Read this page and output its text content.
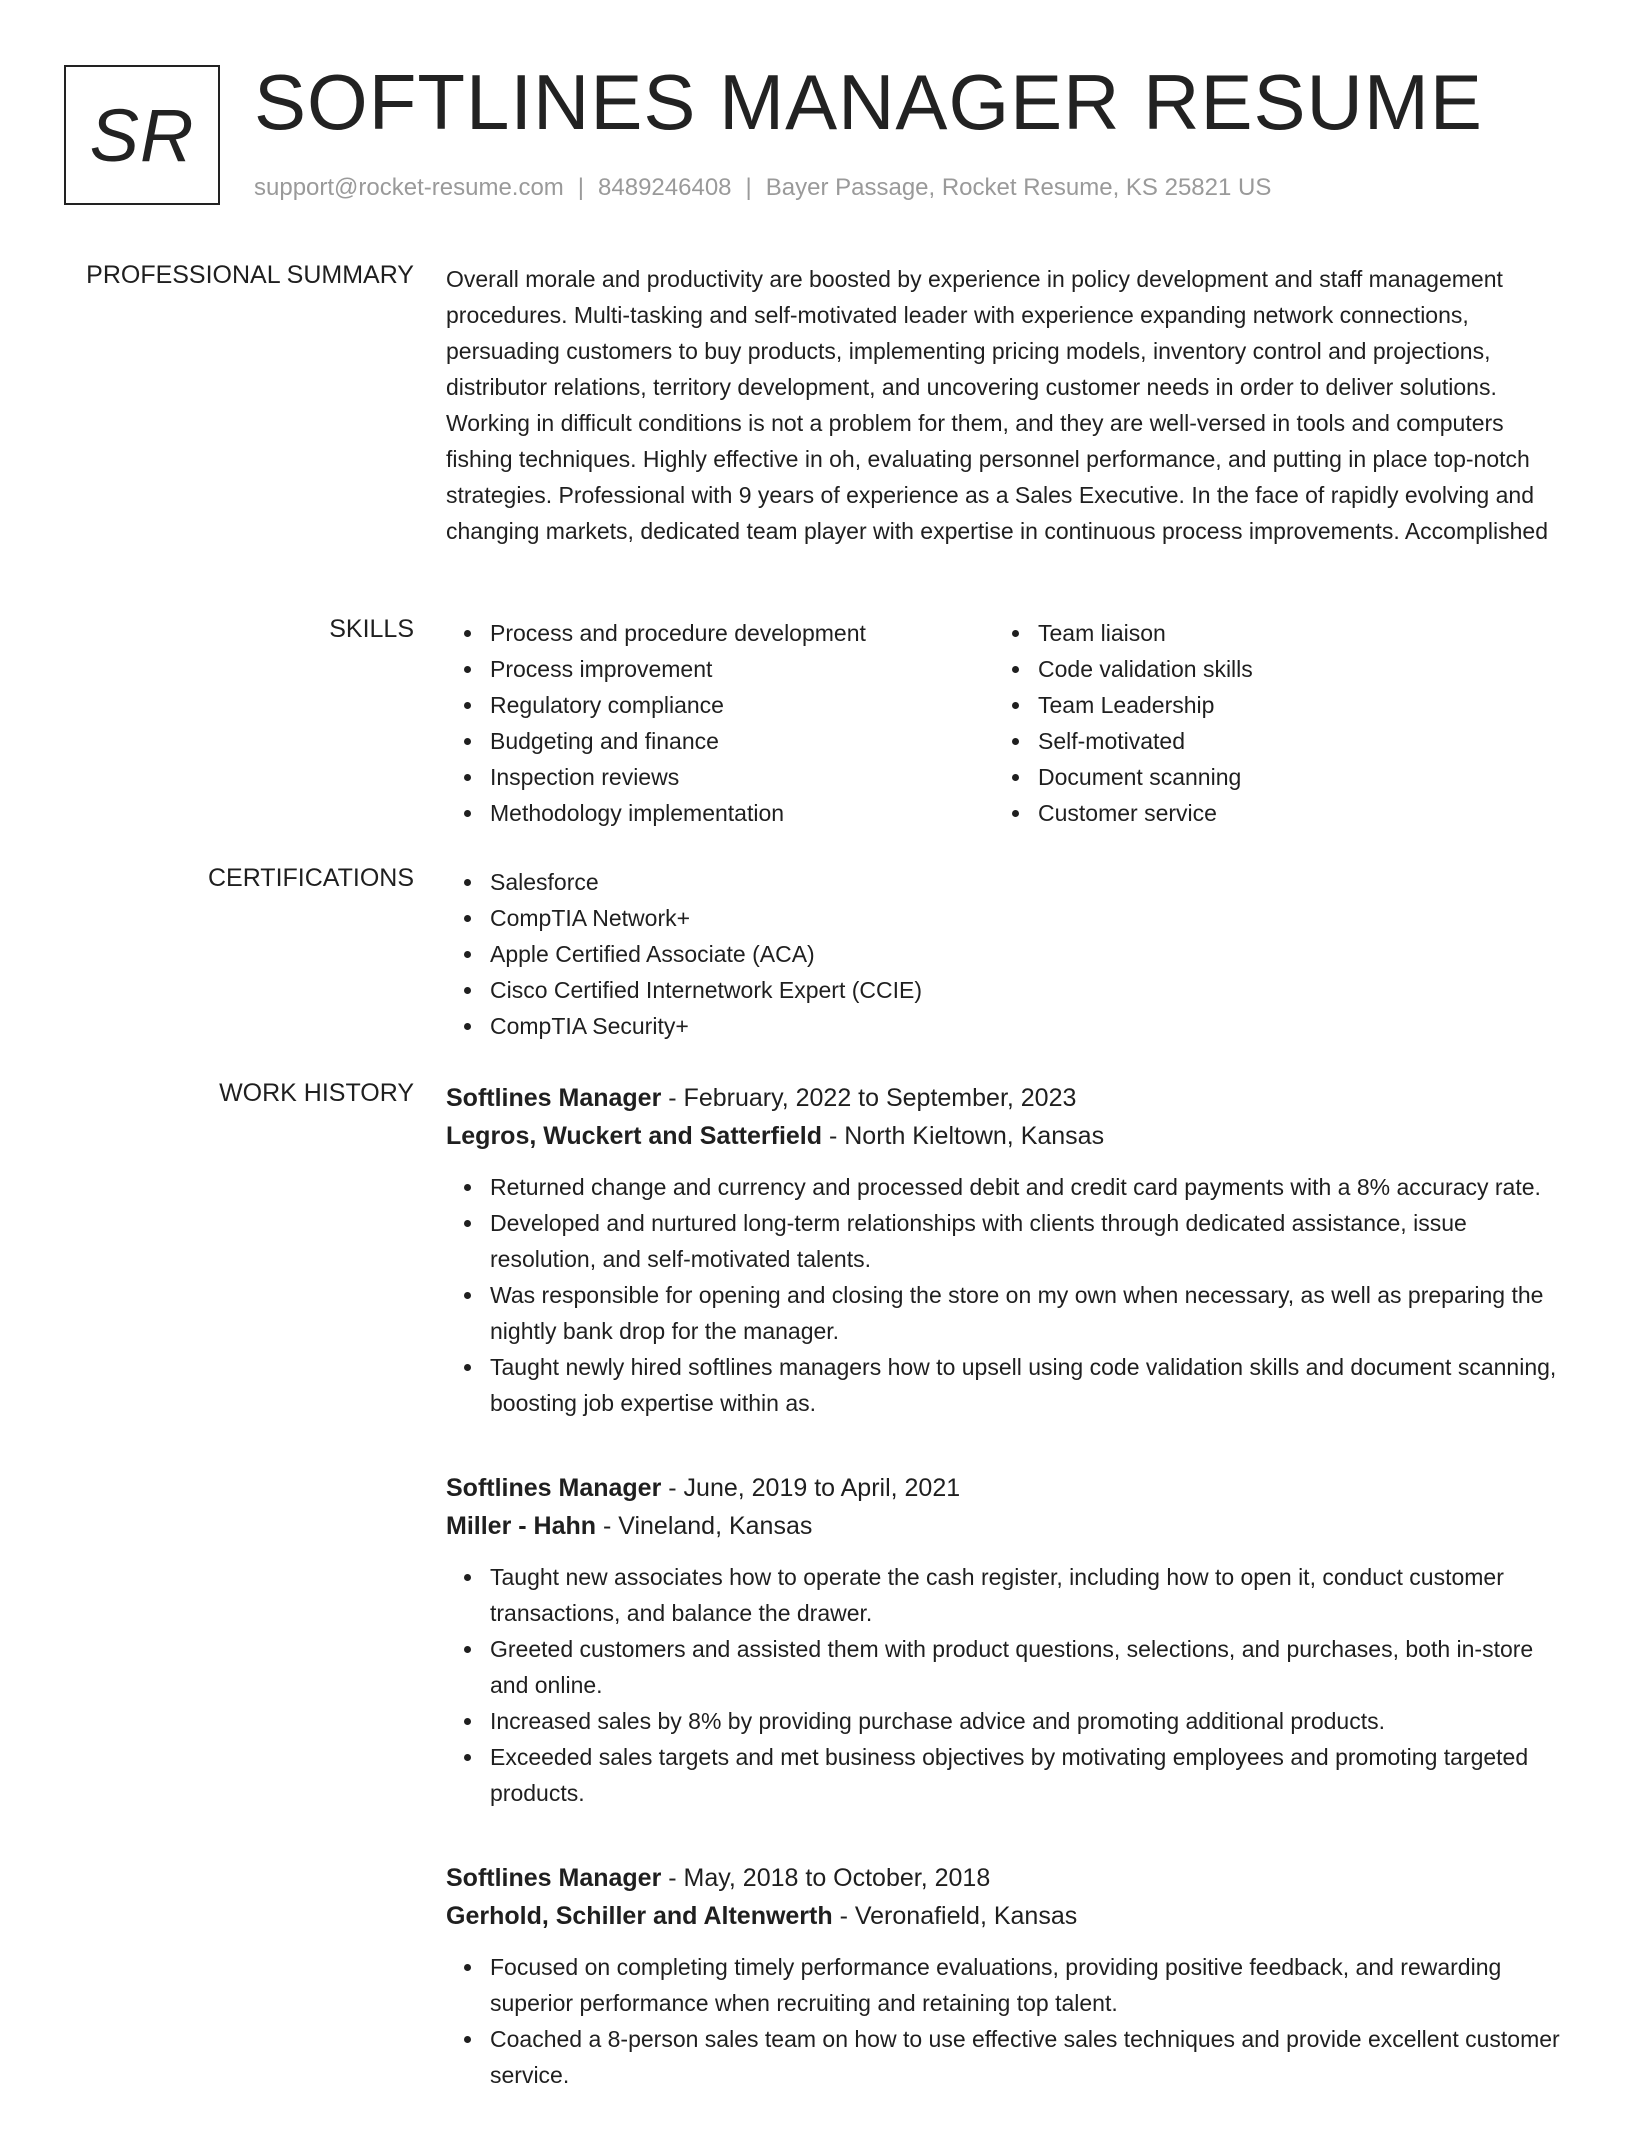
SR SOFTLINES MANAGER RESUME
support@rocket-resume.com | 8489246408 | Bayer Passage, Rocket Resume, KS 25821 US
PROFESSIONAL SUMMARY Overall morale and productivity are boosted by experience in policy development and staff management procedures. Multi-tasking and self-motivated leader with experience expanding network connections, persuading customers to buy products, implementing pricing models, inventory control and projections, distributor relations, territory development, and uncovering customer needs in order to deliver solutions. Working in difficult conditions is not a problem for them, and they are well-versed in tools and computers fishing techniques. Highly effective in oh, evaluating personnel performance, and putting in place top-notch strategies. Professional with 9 years of experience as a Sales Executive. In the face of rapidly evolving and changing markets, dedicated team player with expertise in continuous process improvements. Accomplished

SKILLS	Process and procedure development
Process improvement
Regulatory compliance
Budgeting and finance
Inspection reviews
Methodology implementation
Team liaison
Code validation skills
Team Leadership
Self-motivated
Document scanning
Customer service
CERTIFICATIONS	Salesforce
CompTIA Network+
Apple Certified Associate (ACA)
Cisco Certified Internetwork Expert (CCIE)
CompTIA Security+
WORK HISTORY Softlines Manager - February, 2022 to September, 2023
Legros, Wuckert and Satterfield - North Kieltown, Kansas
Returned change and currency and processed debit and credit card payments with a 8% accuracy rate.
Developed and nurtured long-term relationships with clients through dedicated assistance, issue resolution, and self-motivated talents.
Was responsible for opening and closing the store on my own when necessary, as well as preparing the nightly bank drop for the manager.
Taught newly hired softlines managers how to upsell using code validation skills and document scanning, boosting job expertise within as.
Softlines Manager - June, 2019 to April, 2021
Miller - Hahn - Vineland, Kansas
Taught new associates how to operate the cash register, including how to open it, conduct customer transactions, and balance the drawer.
Greeted customers and assisted them with product questions, selections, and purchases, both in-store and online.
Increased sales by 8% by providing purchase advice and promoting additional products.
Exceeded sales targets and met business objectives by motivating employees and promoting targeted products.
Softlines Manager - May, 2018 to October, 2018
Gerhold, Schiller and Altenwerth - Veronafield, Kansas
Focused on completing timely performance evaluations, providing positive feedback, and rewarding superior performance when recruiting and retaining top talent.
Coached a 8-person sales team on how to use effective sales techniques and provide excellent customer service.
